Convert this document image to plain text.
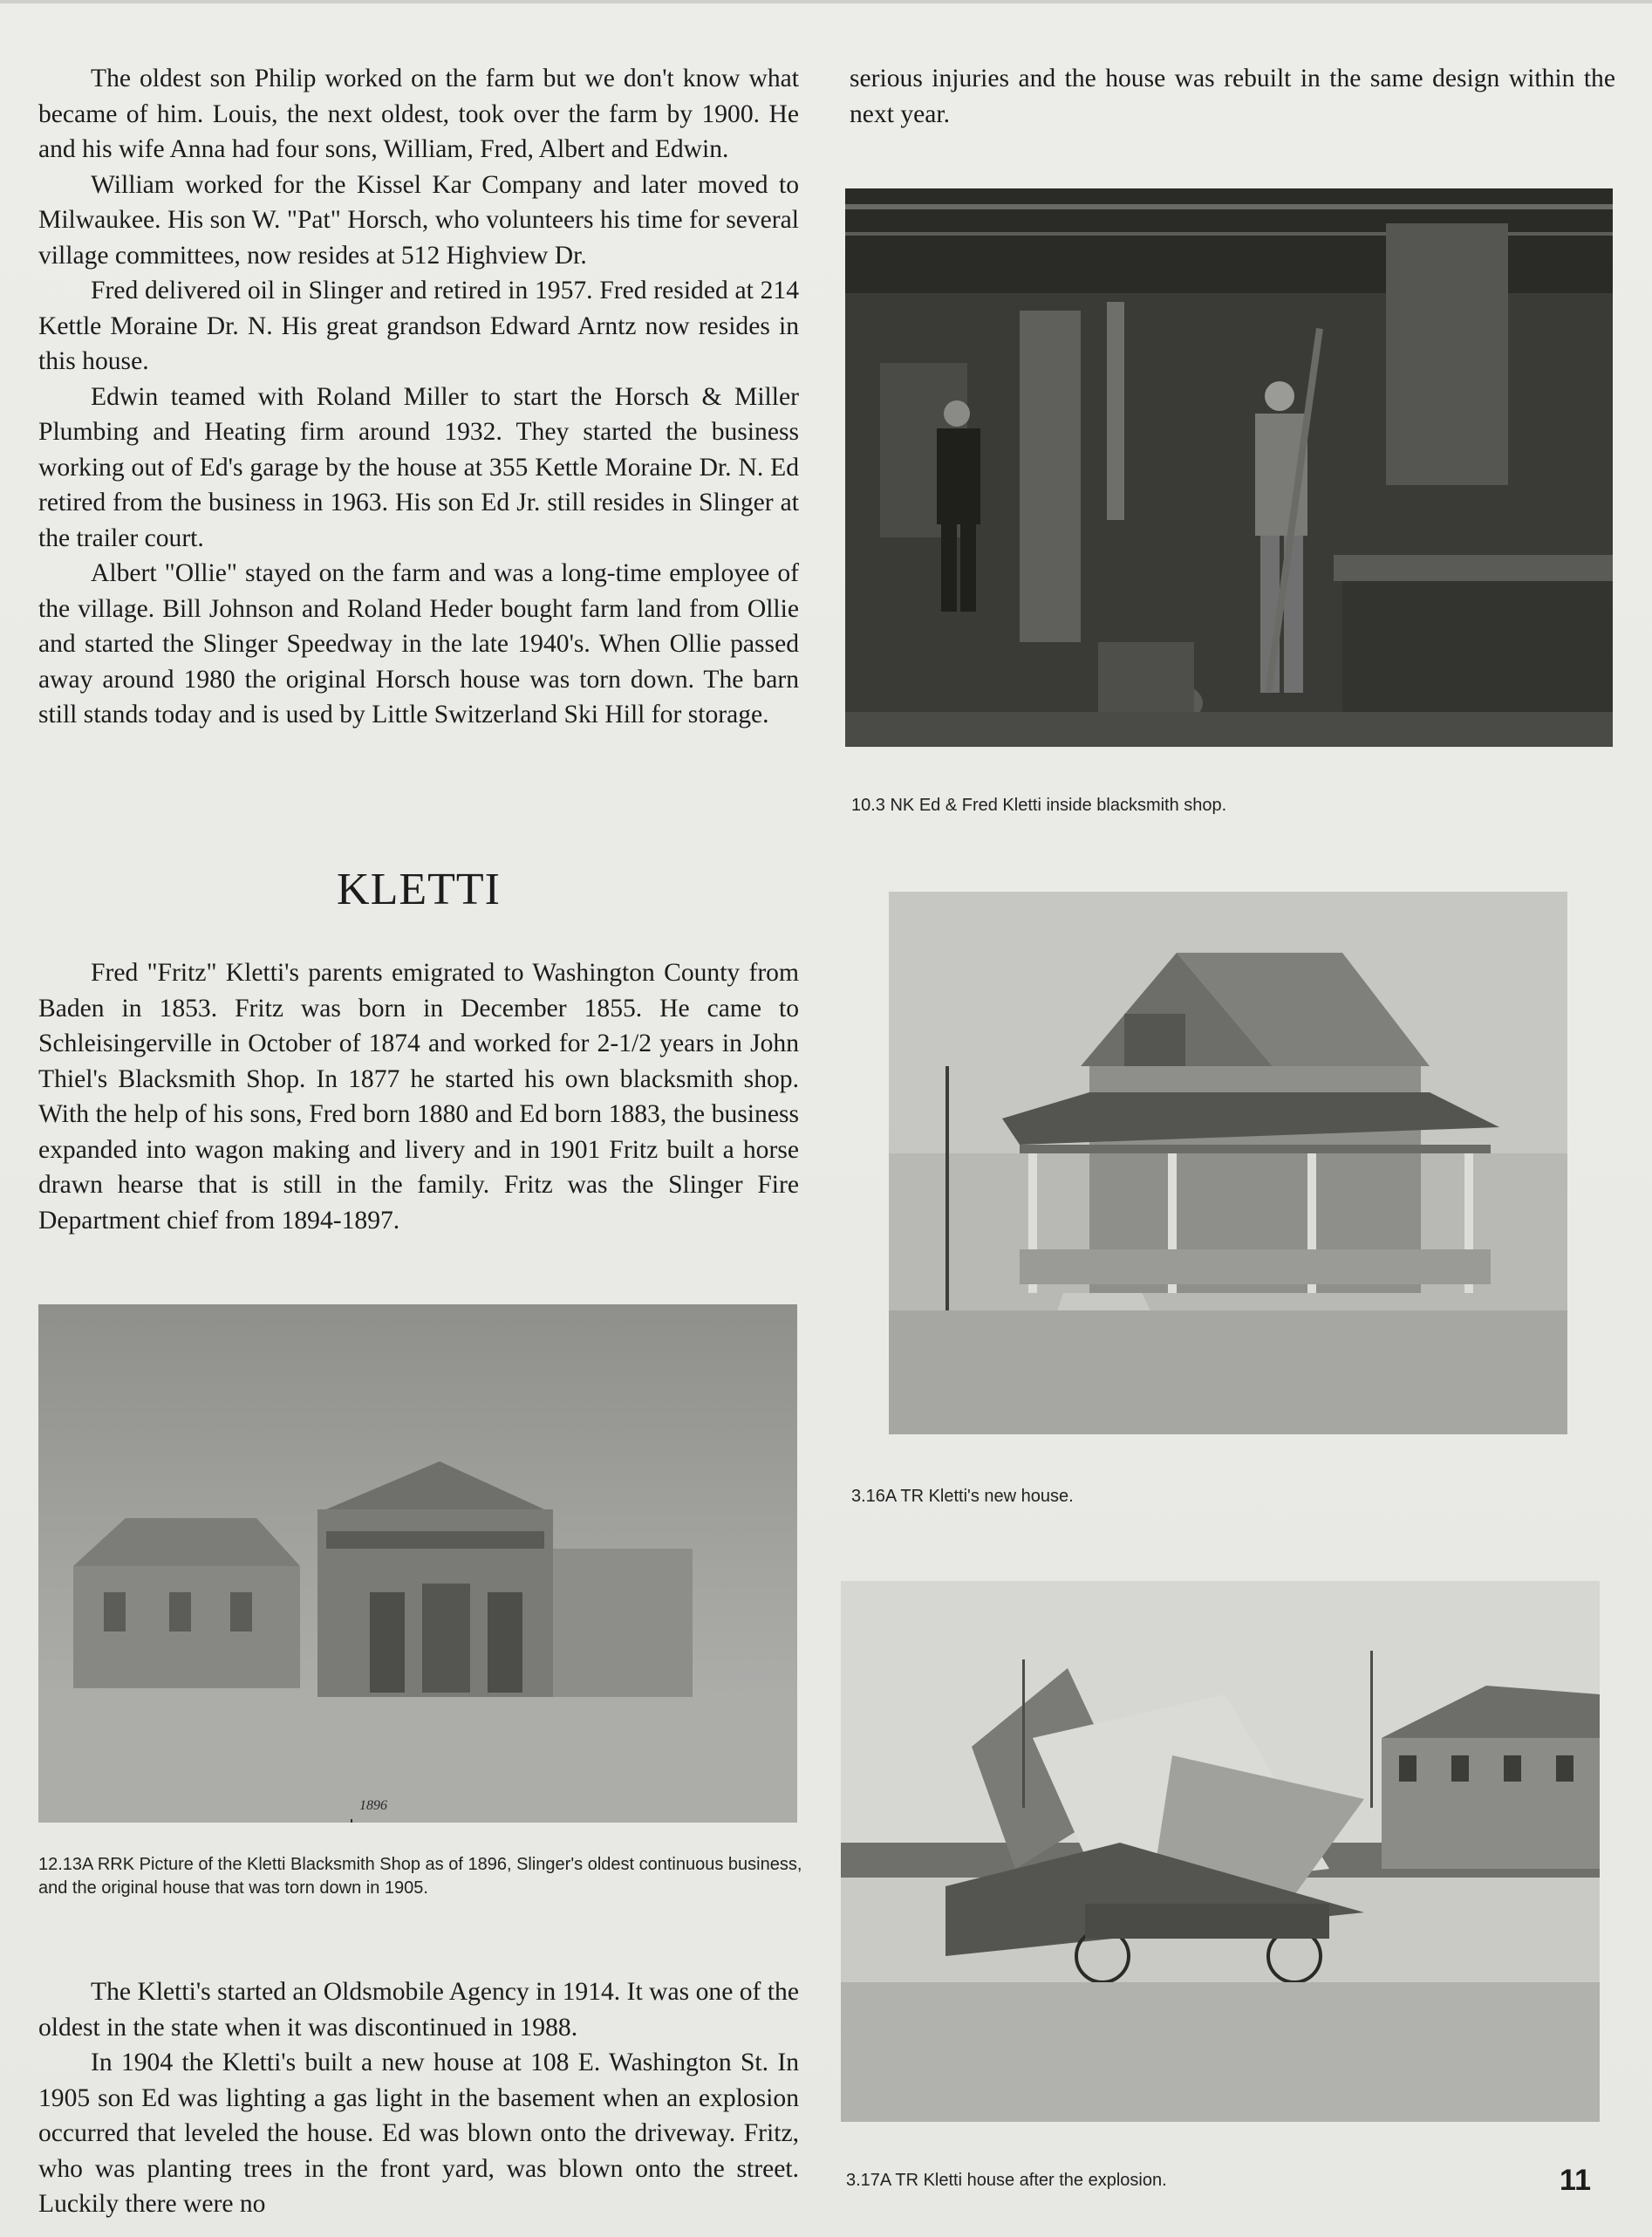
The oldest son Philip worked on the farm but we don't know what became of him. Louis, the next oldest, took over the farm by 1900. He and his wife Anna had four sons, William, Fred, Albert and Edwin.

William worked for the Kissel Kar Company and later moved to Milwaukee. His son W. "Pat" Horsch, who volunteers his time for several village committees, now resides at 512 Highview Dr.

Fred delivered oil in Slinger and retired in 1957. Fred resided at 214 Kettle Moraine Dr. N. His great grandson Edward Arntz now resides in this house.

Edwin teamed with Roland Miller to start the Horsch & Miller Plumbing and Heating firm around 1932. They started the business working out of Ed's garage by the house at 355 Kettle Moraine Dr. N. Ed retired from the business in 1963. His son Ed Jr. still resides in Slinger at the trailer court.

Albert "Ollie" stayed on the farm and was a long-time employee of the village. Bill Johnson and Roland Heder bought farm land from Ollie and started the Slinger Speedway in the late 1940's. When Ollie passed away around 1980 the original Horsch house was torn down. The barn still stands today and is used by Little Switzerland Ski Hill for storage.

KLETTI

Fred "Fritz" Kletti's parents emigrated to Washington County from Baden in 1853. Fritz was born in December 1855. He came to Schleisingerville in October of 1874 and worked for 2-1/2 years in John Thiel's Blacksmith Shop. In 1877 he started his own blacksmith shop. With the help of his sons, Fred born 1880 and Ed born 1883, the business expanded into wagon making and livery and in 1901 Fritz built a horse drawn hearse that is still in the family. Fritz was the Slinger Fire Department chief from 1894-1897.

1896
12.13A RRK Picture of the Kletti Blacksmith Shop as of 1896, Slinger's oldest continuous business, and the original house that was torn down in 1905.

The Kletti's started an Oldsmobile Agency in 1914. It was one of the oldest in the state when it was discontinued in 1988.

In 1904 the Kletti's built a new house at 108 E. Washington St. In 1905 son Ed was lighting a gas light in the basement when an explosion occurred that leveled the house. Ed was blown onto the driveway. Fritz, who was planting trees in the front yard, was blown onto the street. Luckily there were no

serious injuries and the house was rebuilt in the same design within the next year.

10.3 NK Ed & Fred Kletti inside blacksmith shop.
3.16A TR Kletti's new house.
3.17A TR Kletti house after the explosion.	11
